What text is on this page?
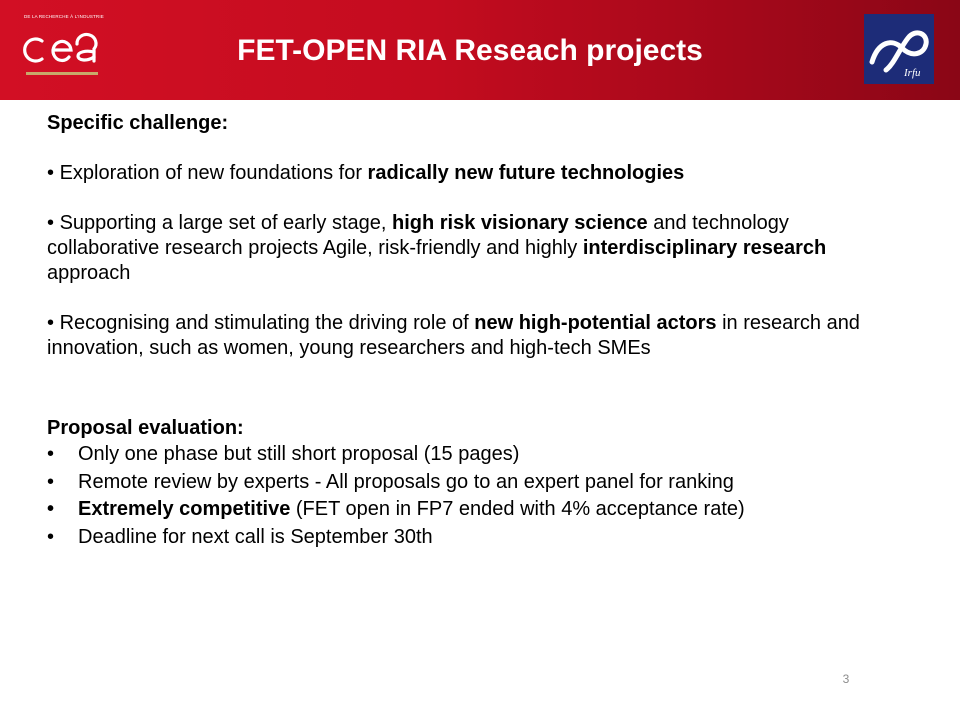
DE LA RECHERCHE À L’INDUSTRIE
FET-OPEN RIA Reseach projects
Irfu

Specific challenge:

• Exploration of new foundations for radically new future technologies

• Supporting a large set of early stage, high risk visionary science and technology collaborative research projects Agile, risk-friendly and highly interdisciplinary research approach

• Recognising and stimulating the driving role of new high-potential actors in research and innovation, such as women, young researchers and high-tech SMEs

Proposal evaluation:

• Only one phase but still short proposal (15 pages)
• Remote review by experts - All proposals go to an expert panel for ranking
• Extremely competitive (FET open in FP7 ended with 4% acceptance rate)
• Deadline for next call is September 30th
3
